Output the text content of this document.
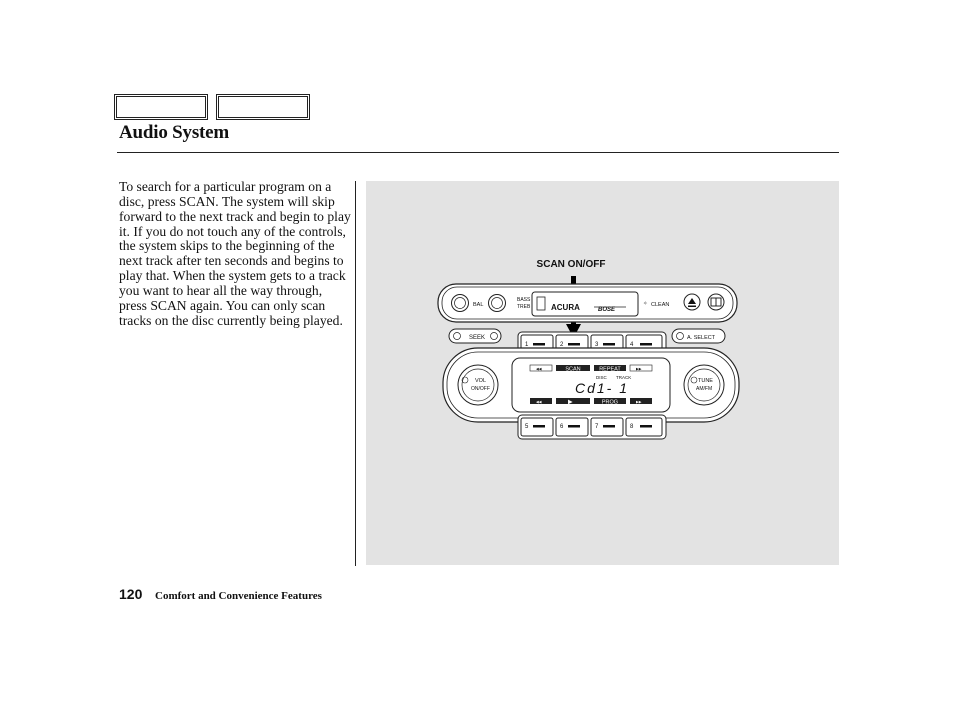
Audio System
To search for a particular program on a disc, press SCAN. The system will skip forward to the next track and begin to play it. If you do not touch any of the controls, the system skips to the beginning of the next track after ten seconds and begins to play that. When the system gets to a track you want to hear all the way through, press SCAN again. You can only scan tracks on the disc currently being played.
SCAN ON/OFF
BAL
BASS
TREB	ACURA	BOSE
✧ CLEAN
SEEK	A. SELECT
1	2	3	4
VOL
ON/OFF
TUNE
AM/FM
◂◂	SCAN	REPEAT	▸▸
DISC TRACK
Cd1- 1
◂◂	▶	PROG	▸▸
5	6	7	8
120 Comfort and Convenience Features
